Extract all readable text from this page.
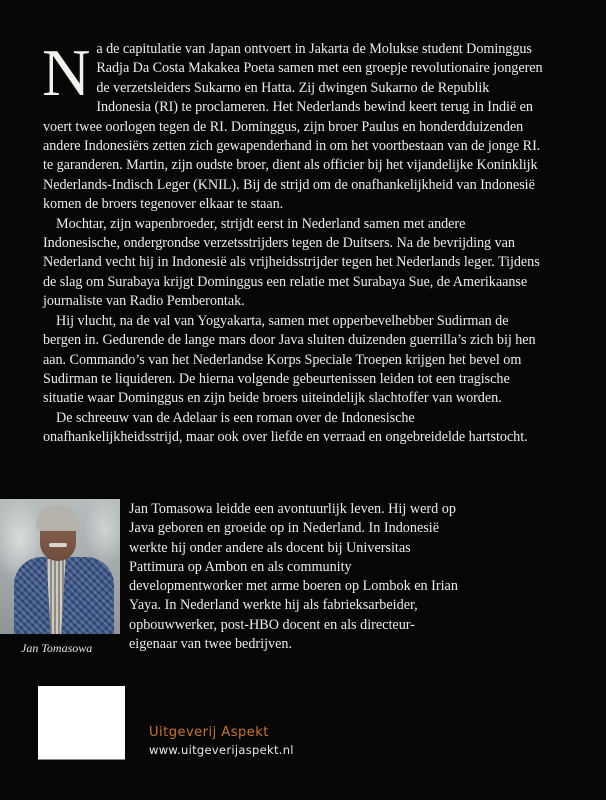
Na de capitulatie van Japan ontvoert in Jakarta de Molukse student Dominggus Radja Da Costa Makakea Poeta samen met een groepje revolutionaire jongeren de verzetsleiders Sukarno en Hatta. Zij dwingen Sukarno de Republik Indonesia (RI) te proclameren. Het Nederlands bewind keert terug in Indië en voert twee oorlogen tegen de RI. Dominggus, zijn broer Paulus en honderdduizenden andere Indonesiërs zetten zich gewapenderhand in om het voortbestaan van de jonge RI. te garanderen. Martin, zijn oudste broer, dient als officier bij het vijandelijke Koninklijk Nederlands-Indisch Leger (KNIL). Bij de strijd om de onafhankelijkheid van Indonesië komen de broers tegenover elkaar te staan.

Mochtar, zijn wapenbroeder, strijdt eerst in Nederland samen met andere Indonesische, ondergrondse verzetsstrijders tegen de Duitsers. Na de bevrijding van Nederland vecht hij in Indonesië als vrijheidsstrijder tegen het Nederlands leger. Tijdens de slag om Surabaya krijgt Dominggus een relatie met Surabaya Sue, de Amerikaanse journaliste van Radio Pemberontak.

Hij vlucht, na de val van Yogyakarta, samen met opperbevelhebber Sudirman de bergen in. Gedurende de lange mars door Java sluiten duizenden guerrilla’s zich bij hen aan. Commando’s van het Nederlandse Korps Speciale Troepen krijgen het bevel om Sudirman te liquideren. De hierna volgende gebeurtenissen leiden tot een tragische situatie waar Dominggus en zijn beide broers uiteindelijk slachtoffer van worden.

De schreeuw van de Adelaar is een roman over de Indonesische onafhankelijkheidsstrijd, maar ook over liefde en verraad en ongebreidelde hartstocht.

Jan Tomasowa

Jan Tomasowa leidde een avontuurlijk leven. Hij werd op Java geboren en groeide op in Nederland. In Indonesië werkte hij onder andere als docent bij Universitas Pattimura op Ambon en als community developmentworker met arme boeren op Lombok en Irian Yaya. In Nederland werkte hij als fabrieksarbeider, opbouwwerker, post-HBO docent en als directeur-eigenaar van twee bedrijven.

Uitgeverij Aspekt
www.uitgeverijaspekt.nl
